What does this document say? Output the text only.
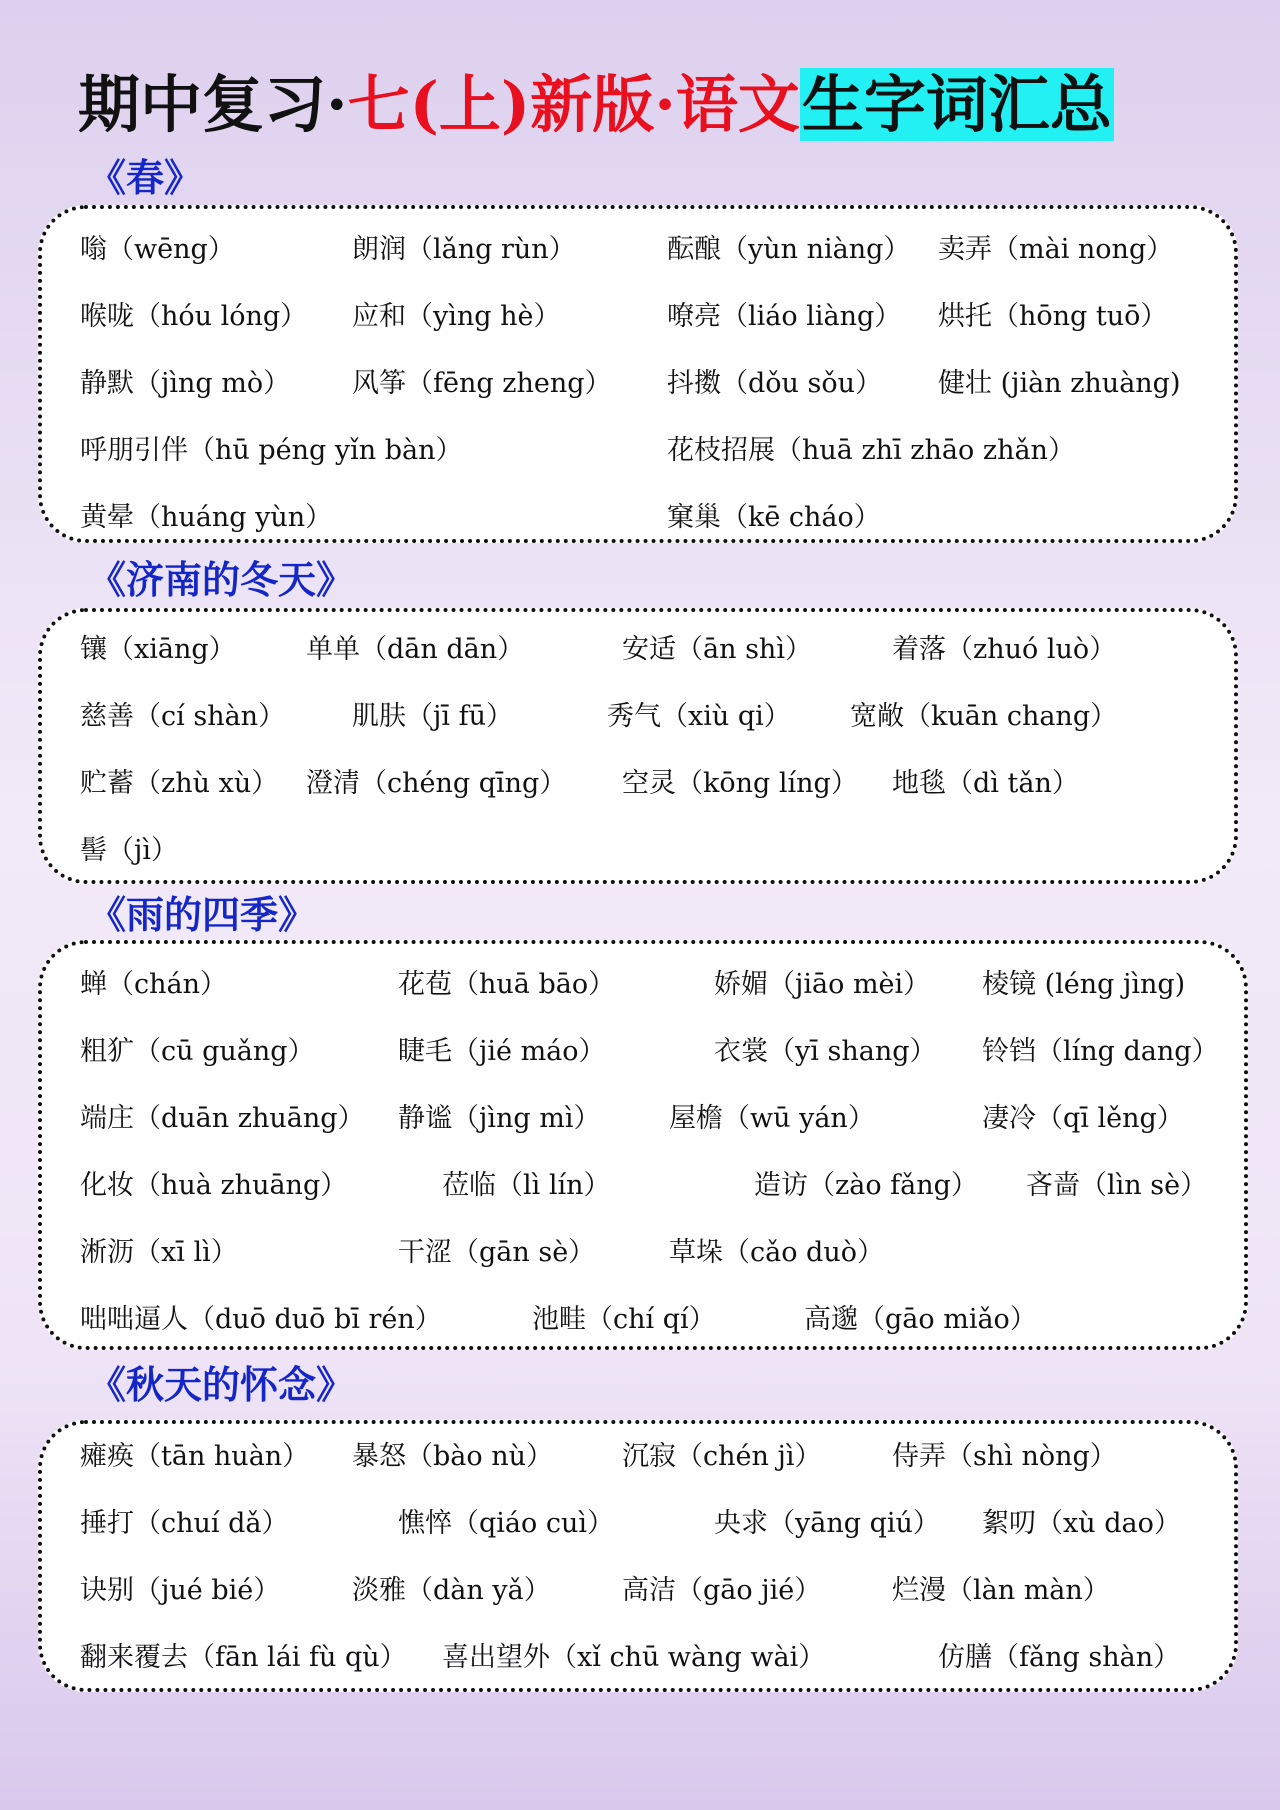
期中复习·七(上)新版·语文生字词汇总
《春》
嗡（wēng）	朗润（lǎng rùn）	酝酿（yùn niàng） 卖弄（mài nong）
喉咙（hóu lóng） 应和（yìng hè）	嘹亮（liáo liàng） 烘托（hōng tuō）
静默（jìng mò） 风筝（fēng zheng） 抖擞（dǒu sǒu） 健壮 (jiàn zhuàng)
呼朋引伴（hū péng yǐn bàn）	花枝招展（huā zhī zhāo zhǎn）
黄晕（huáng yùn）	窠巢（kē cháo）
《济南的冬天》
镶（xiāng）	单单（dān dān）	安适（ān shì）	着落（zhuó luò）
慈善（cí shàn） 肌肤（jī fū）	秀气（xiù qi） 宽敞（kuān chang）
贮蓄（zhù xù） 澄清（chéng qīng） 空灵（kōng líng） 地毯（dì tǎn）
髻（jì）
《雨的四季》
蝉（chán）	花苞（huā bāo）	娇媚（jiāo mèi） 棱镜 (léng jìng)
粗犷（cū guǎng）	睫毛（jié máo）	衣裳（yī shang） 铃铛（líng dang）
端庄（duān zhuāng） 静谧（jìng mì）	屋檐（wū yán）	凄冷（qī lěng）
化妆（huà zhuāng）	莅临（lì lín）	造访（zào fǎng） 吝啬（lìn sè）
淅沥（xī lì）	干涩（gān sè）	草垛（cǎo duò）
咄咄逼人（duō duō bī rén）	池畦（chí qí）	高邈（gāo miǎo）
《秋天的怀念》
瘫痪（tān huàn） 暴怒（bào nù）	沉寂（chén jì）	侍弄（shì nòng）
捶打（chuí dǎ）	憔悴（qiáo cuì）	央求（yāng qiú） 絮叨（xù dao）
诀别（jué bié）	淡雅（dàn yǎ）	高洁（gāo jié）	烂漫（làn màn）
翻来覆去（fān lái fù qù） 喜出望外（xǐ chū wàng wài）	仿膳（fǎng shàn）
